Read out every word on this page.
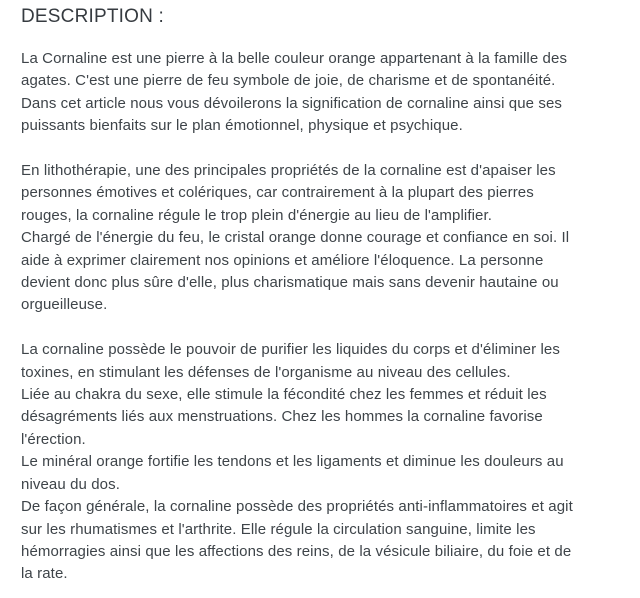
DESCRIPTION :

La Cornaline est une pierre à la belle couleur orange appartenant à la famille des
agates. C'est une pierre de feu symbole de joie, de charisme et de spontanéité.
Dans cet article nous vous dévoilerons la signification de cornaline ainsi que ses
puissants bienfaits sur le plan émotionnel, physique et psychique.

En lithothérapie, une des principales propriétés de la cornaline est d'apaiser les
personnes émotives et colériques, car contrairement à la plupart des pierres
rouges, la cornaline régule le trop plein d'énergie au lieu de l'amplifier.
Chargé de l'énergie du feu, le cristal orange donne courage et confiance en soi. Il
aide à exprimer clairement nos opinions et améliore l'éloquence. La personne
devient donc plus sûre d'elle, plus charismatique mais sans devenir hautaine ou
orgueilleuse.

La cornaline possède le pouvoir de purifier les liquides du corps et d'éliminer les
toxines, en stimulant les défenses de l'organisme au niveau des cellules.
Liée au chakra du sexe, elle stimule la fécondité chez les femmes et réduit les
désagréments liés aux menstruations. Chez les hommes la cornaline favorise
l'érection.
Le minéral orange fortifie les tendons et les ligaments et diminue les douleurs au
niveau du dos.
De façon générale, la cornaline possède des propriétés anti-inflammatoires et agit
sur les rhumatismes et l'arthrite. Elle régule la circulation sanguine, limite les
hémorragies ainsi que les affections des reins, de la vésicule biliaire, du foie et de
la rate.
